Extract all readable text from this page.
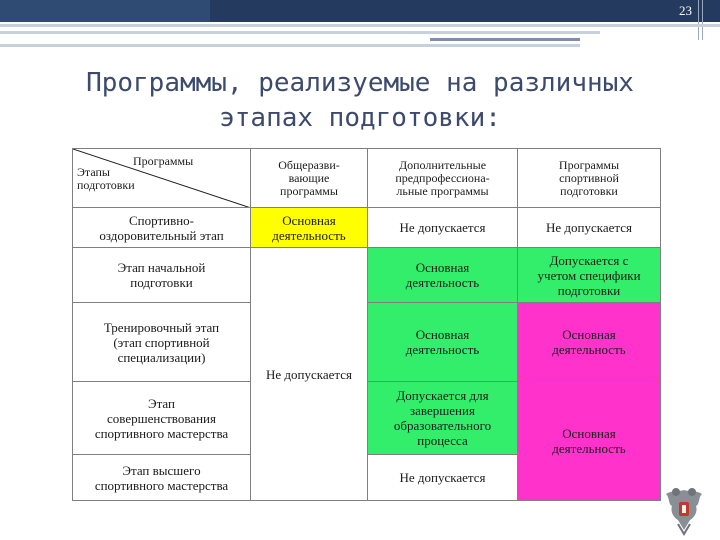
23
Программы, реализуемые на различных
этапах подготовки:
Программы
Этапы
подготовки	Общеразви-
вающие
программы	Дополнительные
предпрофессиона-
льные программы	Программы
спортивной
подготовки
Спортивно-
оздоровительный этап	Основная
деятельность	Не допускается	Не допускается
Этап начальной
подготовки	Не допускается	Основная
деятельность	Допускается с
учетом специфики
подготовки
Тренировочный этап
(этап спортивной
специализации)		Основная
деятельность	Основная
деятельность
Этап
совершенствования
спортивного мастерства		Допускается для
завершения
образовательного
процесса	Основная
деятельность
Этап высшего
спортивного мастерства		Не допускается	
